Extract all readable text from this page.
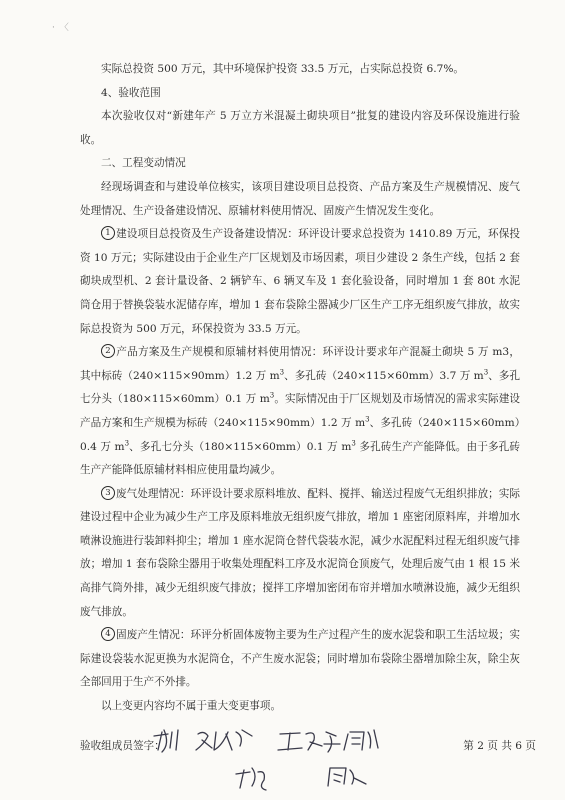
· 〈

实际总投资 500 万元，其中环境保护投资 33.5 万元，占实际总投资 6.7%。

4、验收范围

本次验收仅对“新建年产 5 万立方米混凝土砌块项目”批复的建设内容及环保设施进行验收。

二、工程变动情况

经现场调查和与建设单位核实，该项目建设项目总投资、产品方案及生产规模情况、废气处理情况、生产设备建设情况、原辅材料使用情况、固废产生情况发生变化。

1 建设项目总投资及生产设备建设情况：环评设计要求总投资为 1410.89 万元，环保投资 10 万元；实际建设由于企业生产厂区规划及市场因素，项目少建设 2 条生产线，包括 2 套砌块成型机、2 套计量设备、2 辆铲车、6 辆叉车及 1 套化验设备，同时增加 1 套 80t 水泥筒仓用于替换袋装水泥储存库，增加 1 套布袋除尘器减少厂区生产工序无组织废气排放，故实际总投资为 500 万元，环保投资为 33.5 万元。

2 产品方案及生产规模和原辅材料使用情况：环评设计要求年产混凝土砌块 5 万 m3，其中标砖（240×115×90mm）1.2 万 $m^3$、多孔砖（240×115×60mm）3.7 万 $m^3$、多孔七分头（180×115×60mm）0.1 万 $m^3$。实际情况由于厂区规划及市场情况的需求实际建设产品方案和生产规模为标砖（240×115×90mm）1.2 万 $m^3$、多孔砖（240×115×60mm）0.4 万 $m^3$、多孔七分头（180×115×60mm）0.1 万 $m^3$ 多孔砖生产产能降低。由于多孔砖生产产能降低原辅材料相应使用量均减少。

3 废气处理情况：环评设计要求原料堆放、配料、搅拌、输送过程废气无组织排放；实际建设过程中企业为减少生产工序及原料堆放无组织废气排放，增加 1 座密闭原料库，并增加水喷淋设施进行装卸料抑尘；增加 1 座水泥筒仓替代袋装水泥，减少水泥配料过程无组织废气排放；增加 1 套布袋除尘器用于收集处理配料工序及水泥筒仓顶废气，处理后废气由 1 根 15 米高排气筒外排，减少无组织废气排放；搅拌工序增加密闭布帘并增加水喷淋设施，减少无组织废气排放。

4 固废产生情况：环评分析固体废物主要为生产过程产生的废水泥袋和职工生活垃圾；实际建设袋装水泥更换为水泥筒仓，不产生废水泥袋；同时增加布袋除尘器增加除尘灰，除尘灰全部回用于生产不外排。

以上变更内容均不属于重大变更事项。

验收组成员签字：	第 2 页 共 6 页
